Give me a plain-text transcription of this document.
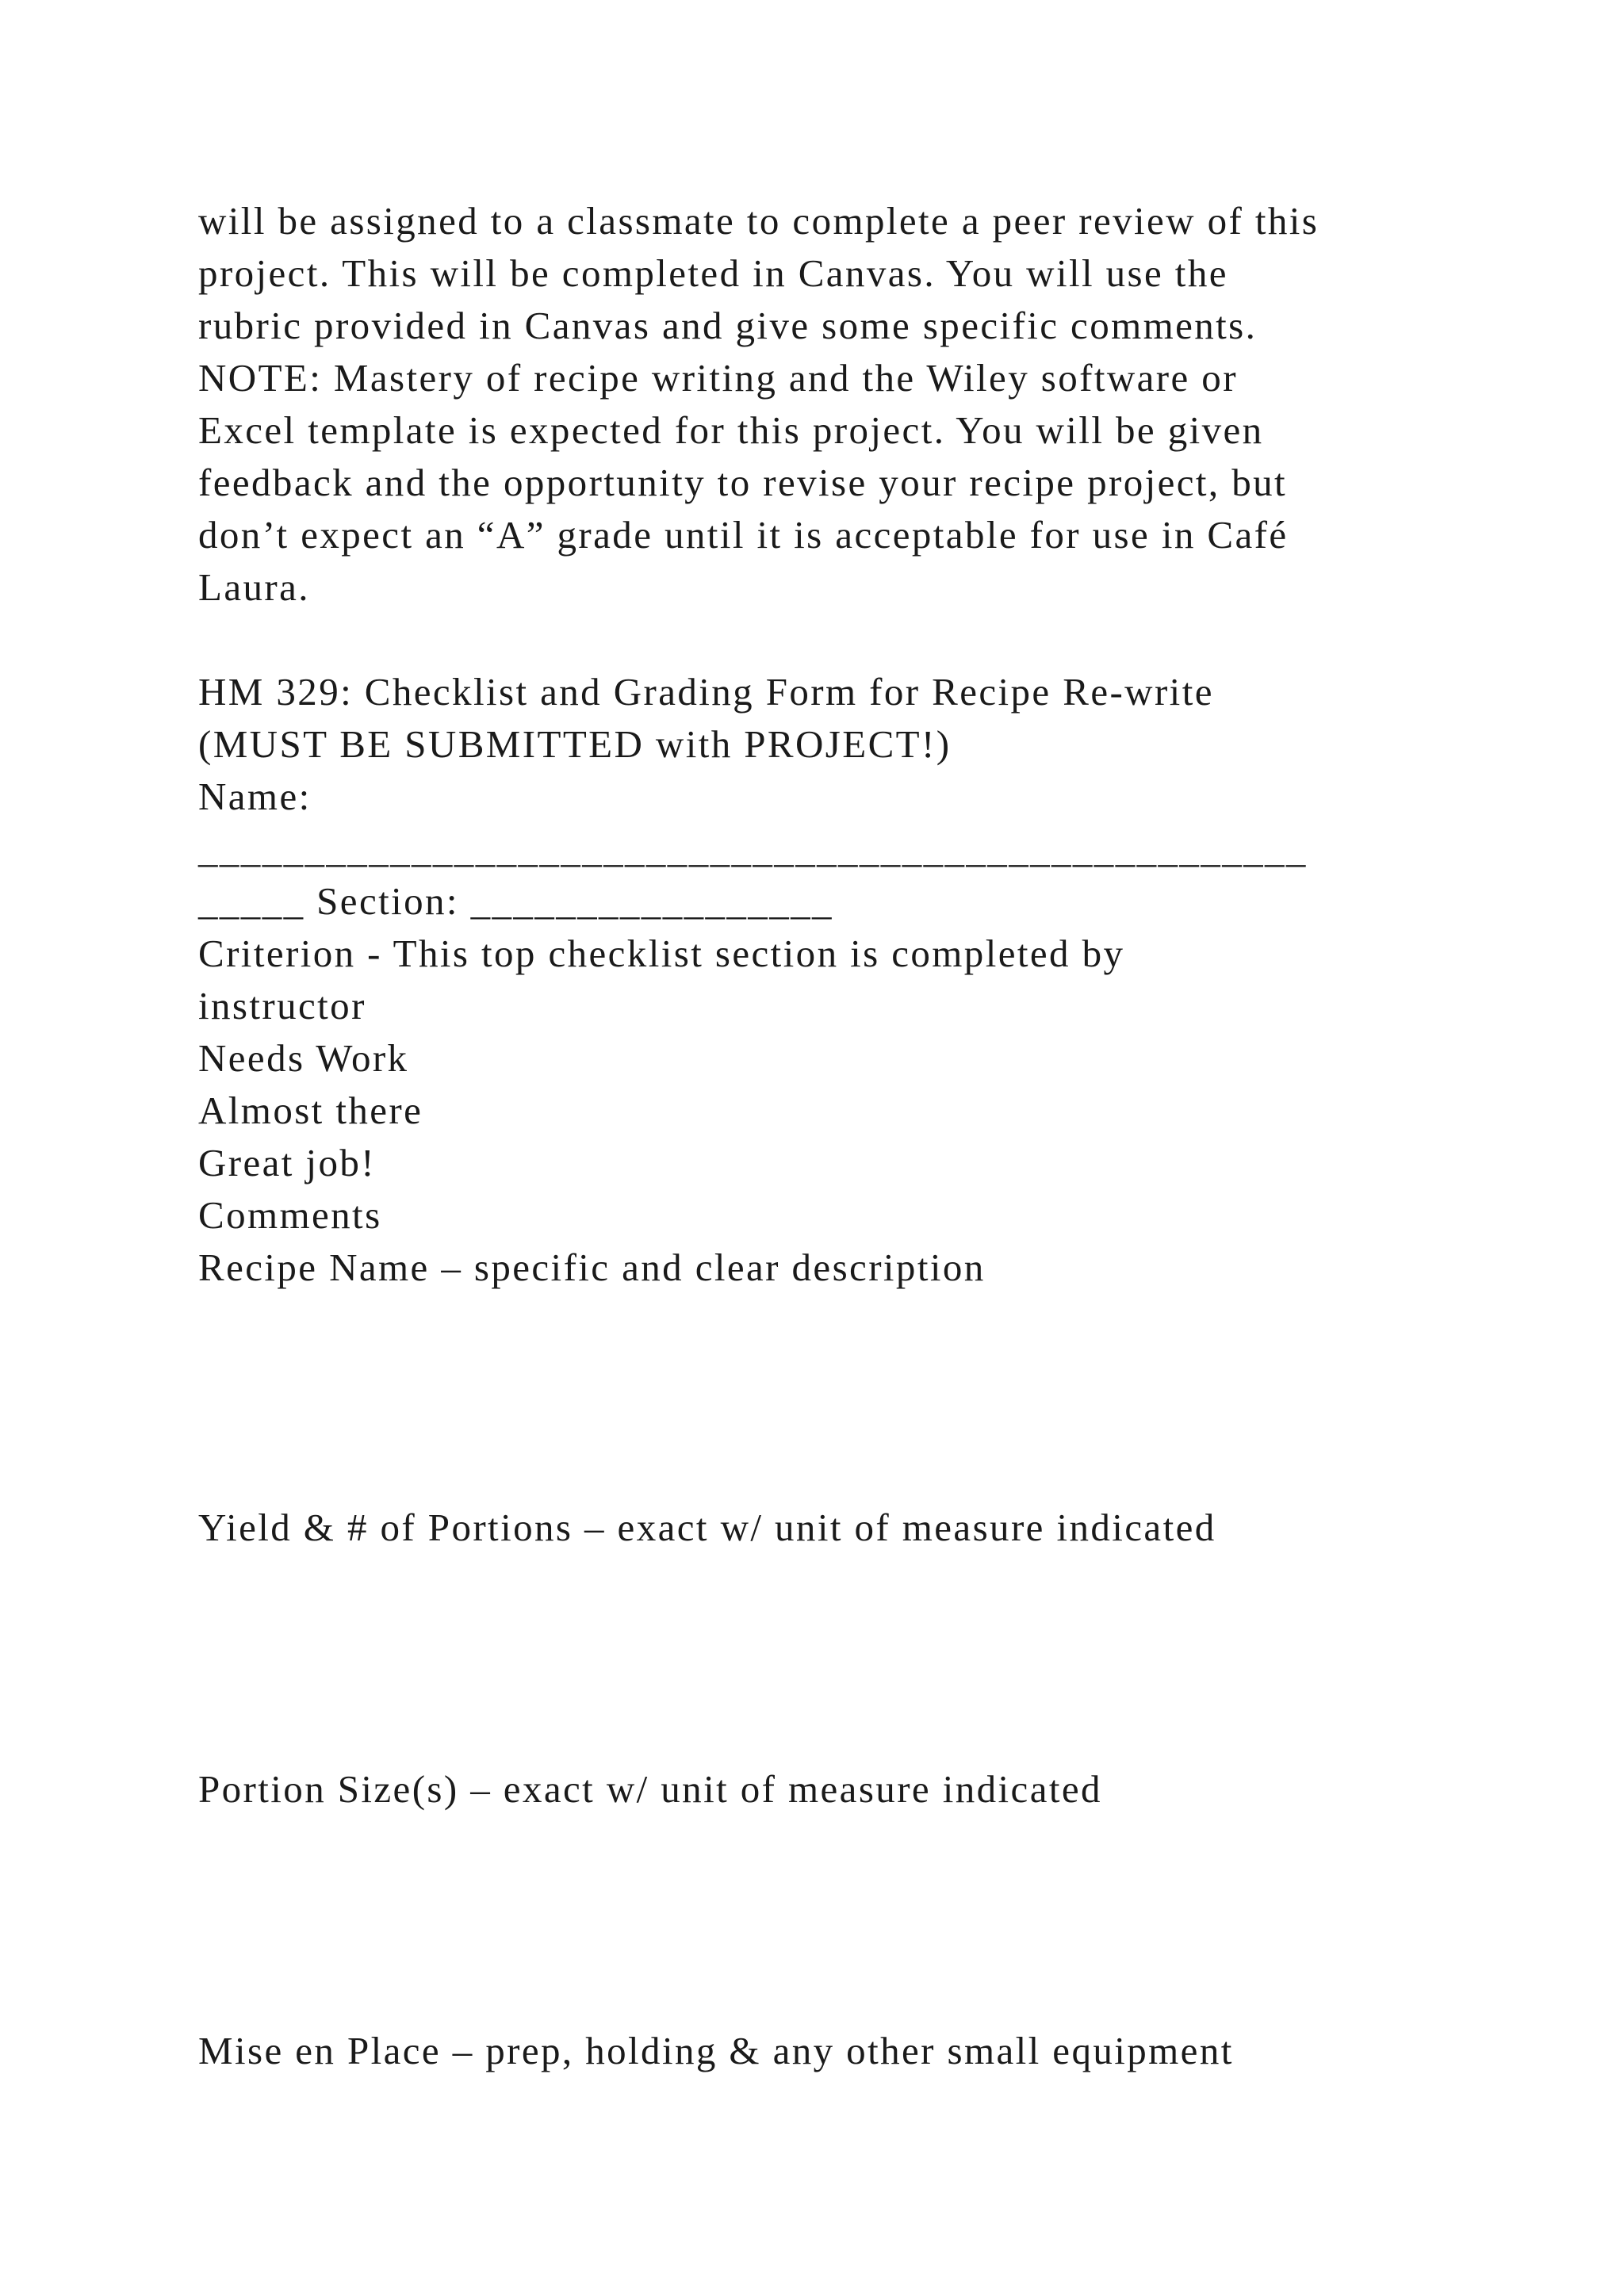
will be assigned to a classmate to complete a peer review of this
project. This will be completed in Canvas. You will use the
rubric provided in Canvas and give some specific comments.
NOTE: Mastery of recipe writing and the Wiley software or
Excel template is expected for this project. You will be given
feedback and the opportunity to revise your recipe project, but
don’t expect an “A” grade until it is acceptable for use in Café
Laura.
HM 329: Checklist and Grading Form for Recipe Re-write
(MUST BE SUBMITTED with PROJECT!)
Name:
____________________________________________________
_____ Section: _________________
Criterion - This top checklist section is completed by
instructor
Needs Work
Almost there
Great job!
Comments
Recipe Name – specific and clear description
Yield & # of Portions – exact w/ unit of measure indicated
Portion Size(s) – exact w/ unit of measure indicated
Mise en Place – prep, holding & any other small equipment
